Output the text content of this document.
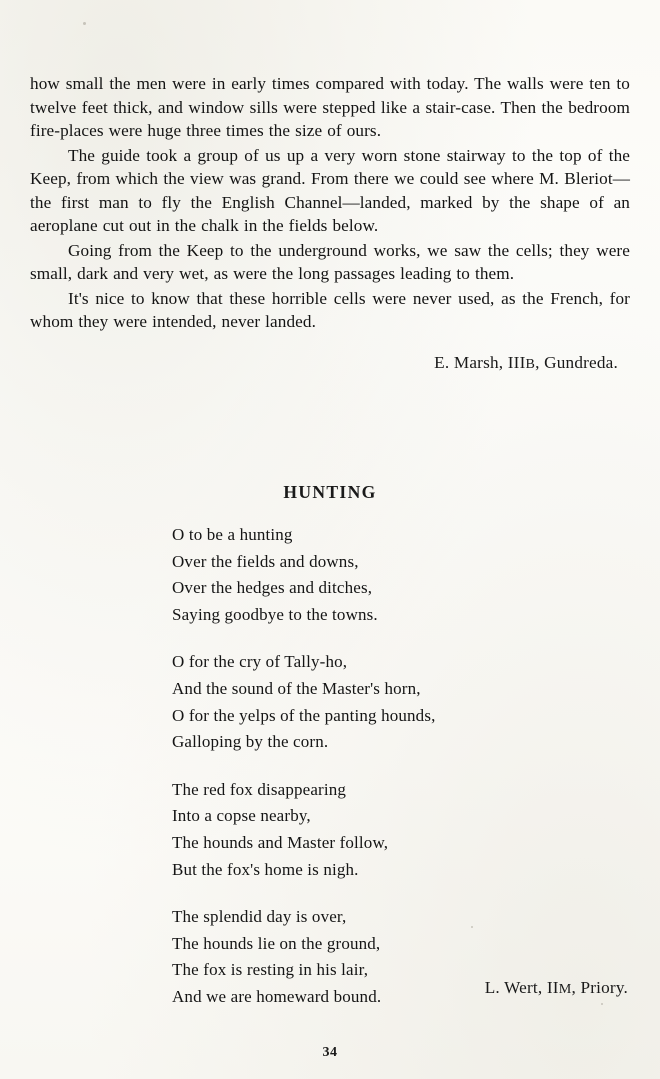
how small the men were in early times compared with today. The walls were ten to twelve feet thick, and window sills were stepped like a stair-case. Then the bedroom fire-places were huge three times the size of ours.

The guide took a group of us up a very worn stone stairway to the top of the Keep, from which the view was grand. From there we could see where M. Bleriot—the first man to fly the English Channel—landed, marked by the shape of an aeroplane cut out in the chalk in the fields below.

Going from the Keep to the underground works, we saw the cells; they were small, dark and very wet, as were the long passages leading to them.

It's nice to know that these horrible cells were never used, as the French, for whom they were intended, never landed.

E. Marsh, IIIB, Gundreda.
HUNTING
O to be a hunting
Over the fields and downs,
Over the hedges and ditches,
Saying goodbye to the towns.
O for the cry of Tally-ho,
And the sound of the Master's horn,
O for the yelps of the panting hounds,
Galloping by the corn.
The red fox disappearing
Into a copse nearby,
The hounds and Master follow,
But the fox's home is nigh.
The splendid day is over,
The hounds lie on the ground,
The fox is resting in his lair,
And we are homeward bound.	L. Wert, IIM, Priory.
34
